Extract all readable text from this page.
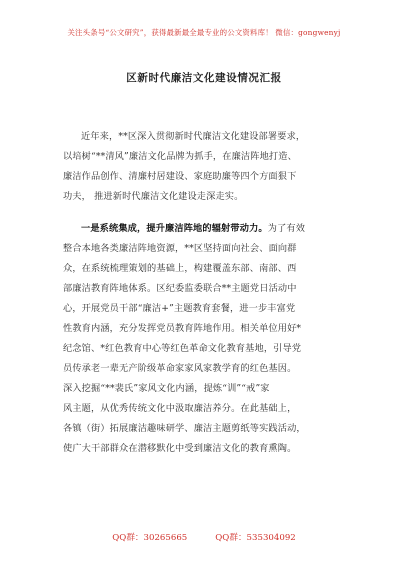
关注头条号“公文研究”，获得最新最全最专业的公文资料库！ 微信：gongwenyj
区新时代廉洁文化建设情况汇报
近年来，**区深入贯彻新时代廉洁文化建设部署要求，
以培树“**清风”廉洁文化品牌为抓手，在廉洁阵地打造、
廉洁作品创作、清廉村居建设、家庭助廉等四个方面狠下
功夫， 推进新时代廉洁文化建设走深走实。
一是系统集成，提升廉洁阵地的辐射带动力。为了有效
整合本地各类廉洁阵地资源，**区坚持面向社会、面向群
众，在系统梳理策划的基础上，构建覆盖东部、南部、西
部廉洁教育阵地体系。区纪委监委联合**主题党日活动中
心，开展党员干部“廉洁+”主题教育套餐，进一步丰富党
性教育内涵，充分发挥党员教育阵地作用。相关单位用好*
纪念馆、*红色教育中心等红色革命文化教育基地，引导党
员传承老一辈无产阶级革命家家风家教学育的红色基因。
深入挖掘“**裴氏”家风文化内涵，提炼“训”“戒”家
风主题，从优秀传统文化中汲取廉洁养分。在此基础上，
各镇（街）拓展廉洁趣味研学、廉洁主题剪纸等实践活动，
使广大干部群众在潜移默化中受到廉洁文化的教育熏陶。
QQ群：30265665	QQ群：535304092
